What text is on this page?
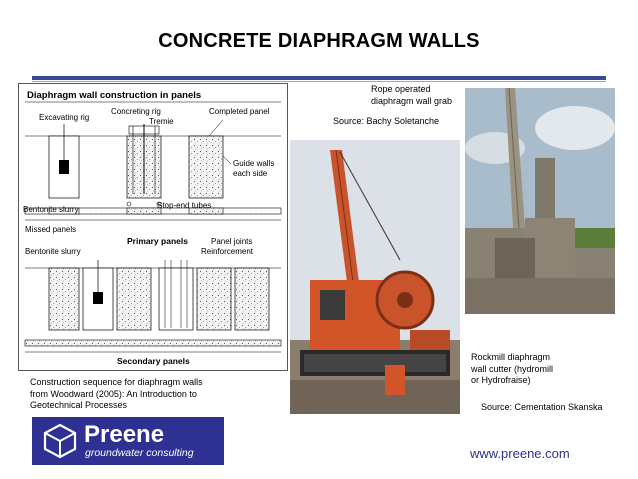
CONCRETE DIAPHRAGM WALLS
Diaphragm wall construction in panels
Excavating rig
Concreting rig
Tremie
Completed panel
Guide walls
each side
Bentonite slurry	Stop-end tubes
Missed panels
Primary panels	Panel joints
Bentonite slurry	Reinforcement
Secondary panels
Rope operated
diaphragm wall grab
Source: Bachy Soletanche
Rockmill diaphragm
wall cutter (hydromill
or Hydrofraise)
Source: Cementation Skanska
Construction sequence for diaphragm walls
from Woodward (2005): An Introduction to
Geotechnical Processes
Preene
groundwater consulting	www.preene.com
